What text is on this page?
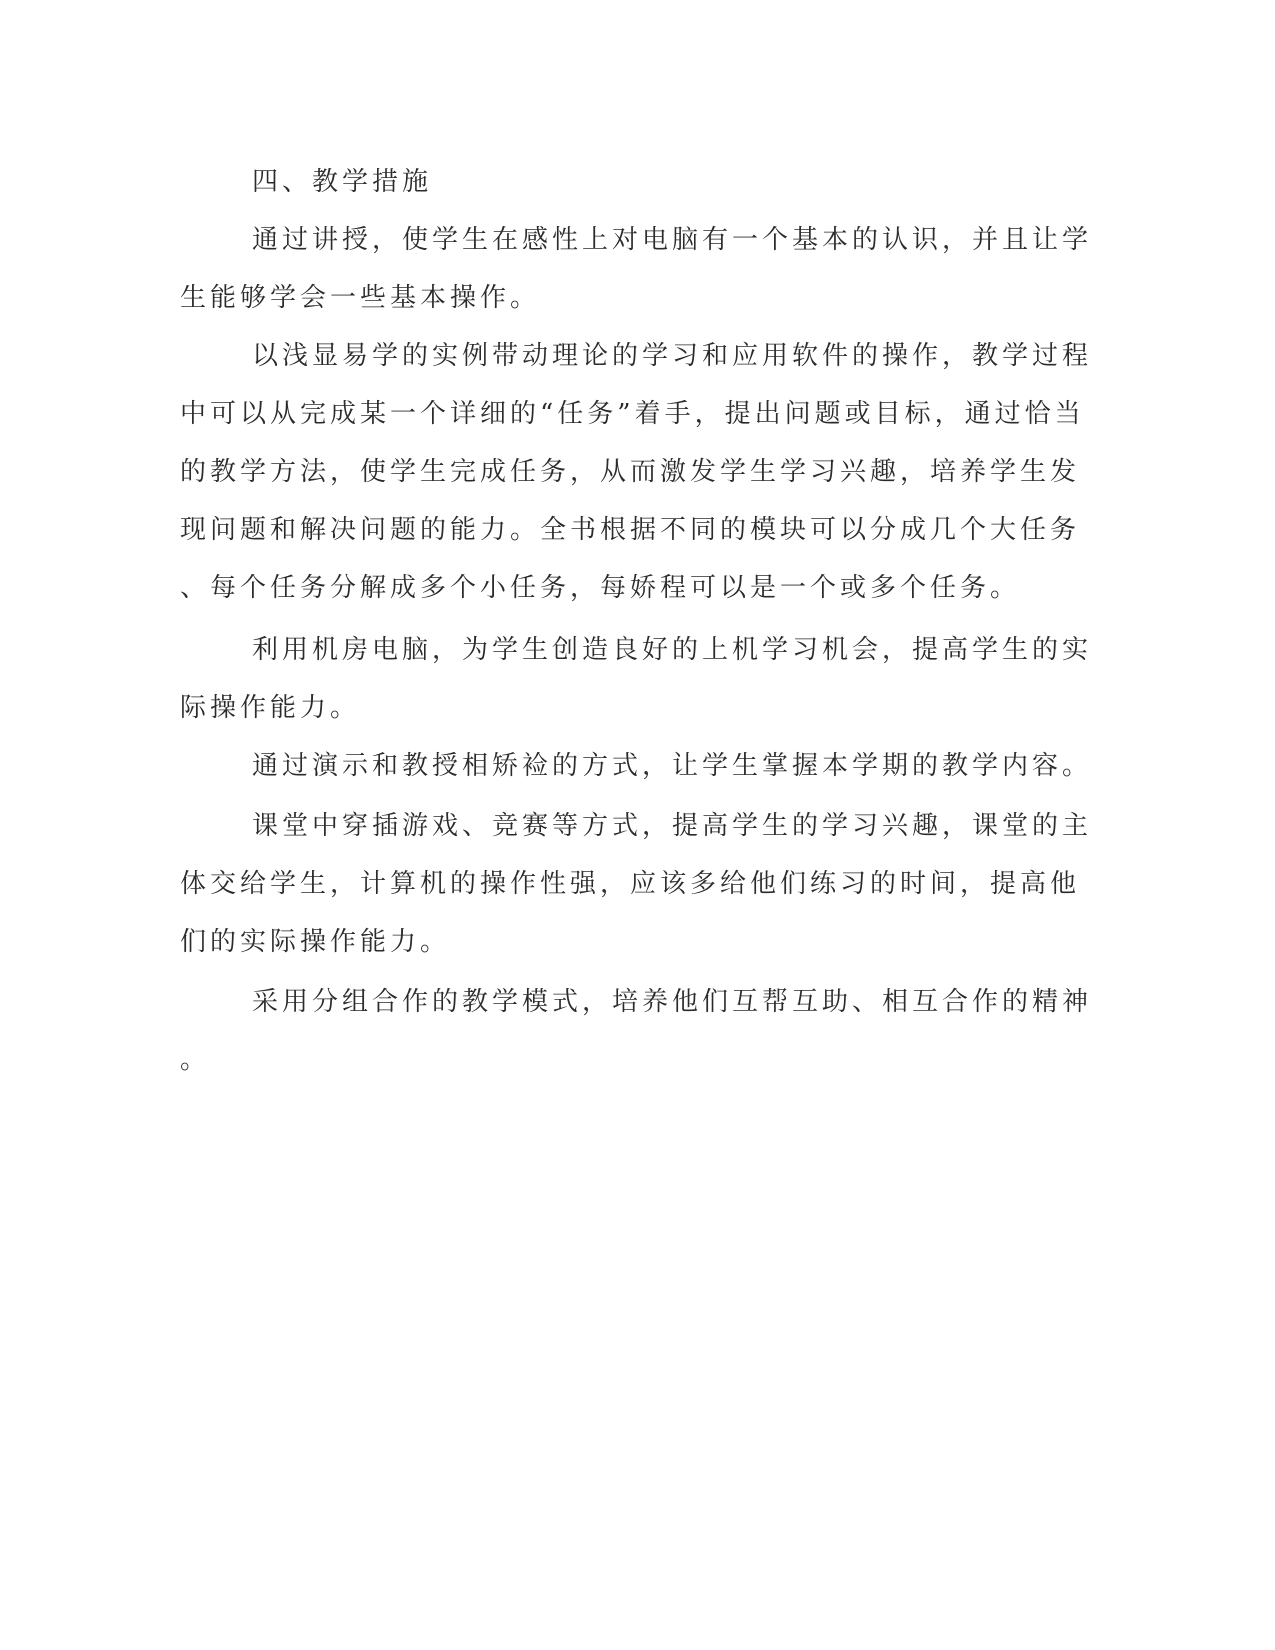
四、教学措施
通过讲授，使学生在感性上对电脑有一个基本的认识，并且让学
生能够学会一些基本操作。
以浅显易学的实例带动理论的学习和应用软件的操作，教学过程
中可以从完成某一个详细的“任务”着手，提出问题或目标，通过恰当
的教学方法，使学生完成任务，从而激发学生学习兴趣，培养学生发
现问题和解决问题的能力。全书根据不同的模块可以分成几个大任务
、每个任务分解成多个小任务，每娇程可以是一个或多个任务。
利用机房电脑，为学生创造良好的上机学习机会，提高学生的实
际操作能力。
通过演示和教授相矫裣的方式，让学生掌握本学期的教学内容。
课堂中穿插游戏、竞赛等方式，提高学生的学习兴趣，课堂的主
体交给学生，计算机的操作性强，应该多给他们练习的时间，提高他
们的实际操作能力。
采用分组合作的教学模式，培养他们互帮互助、相互合作的精神
。
